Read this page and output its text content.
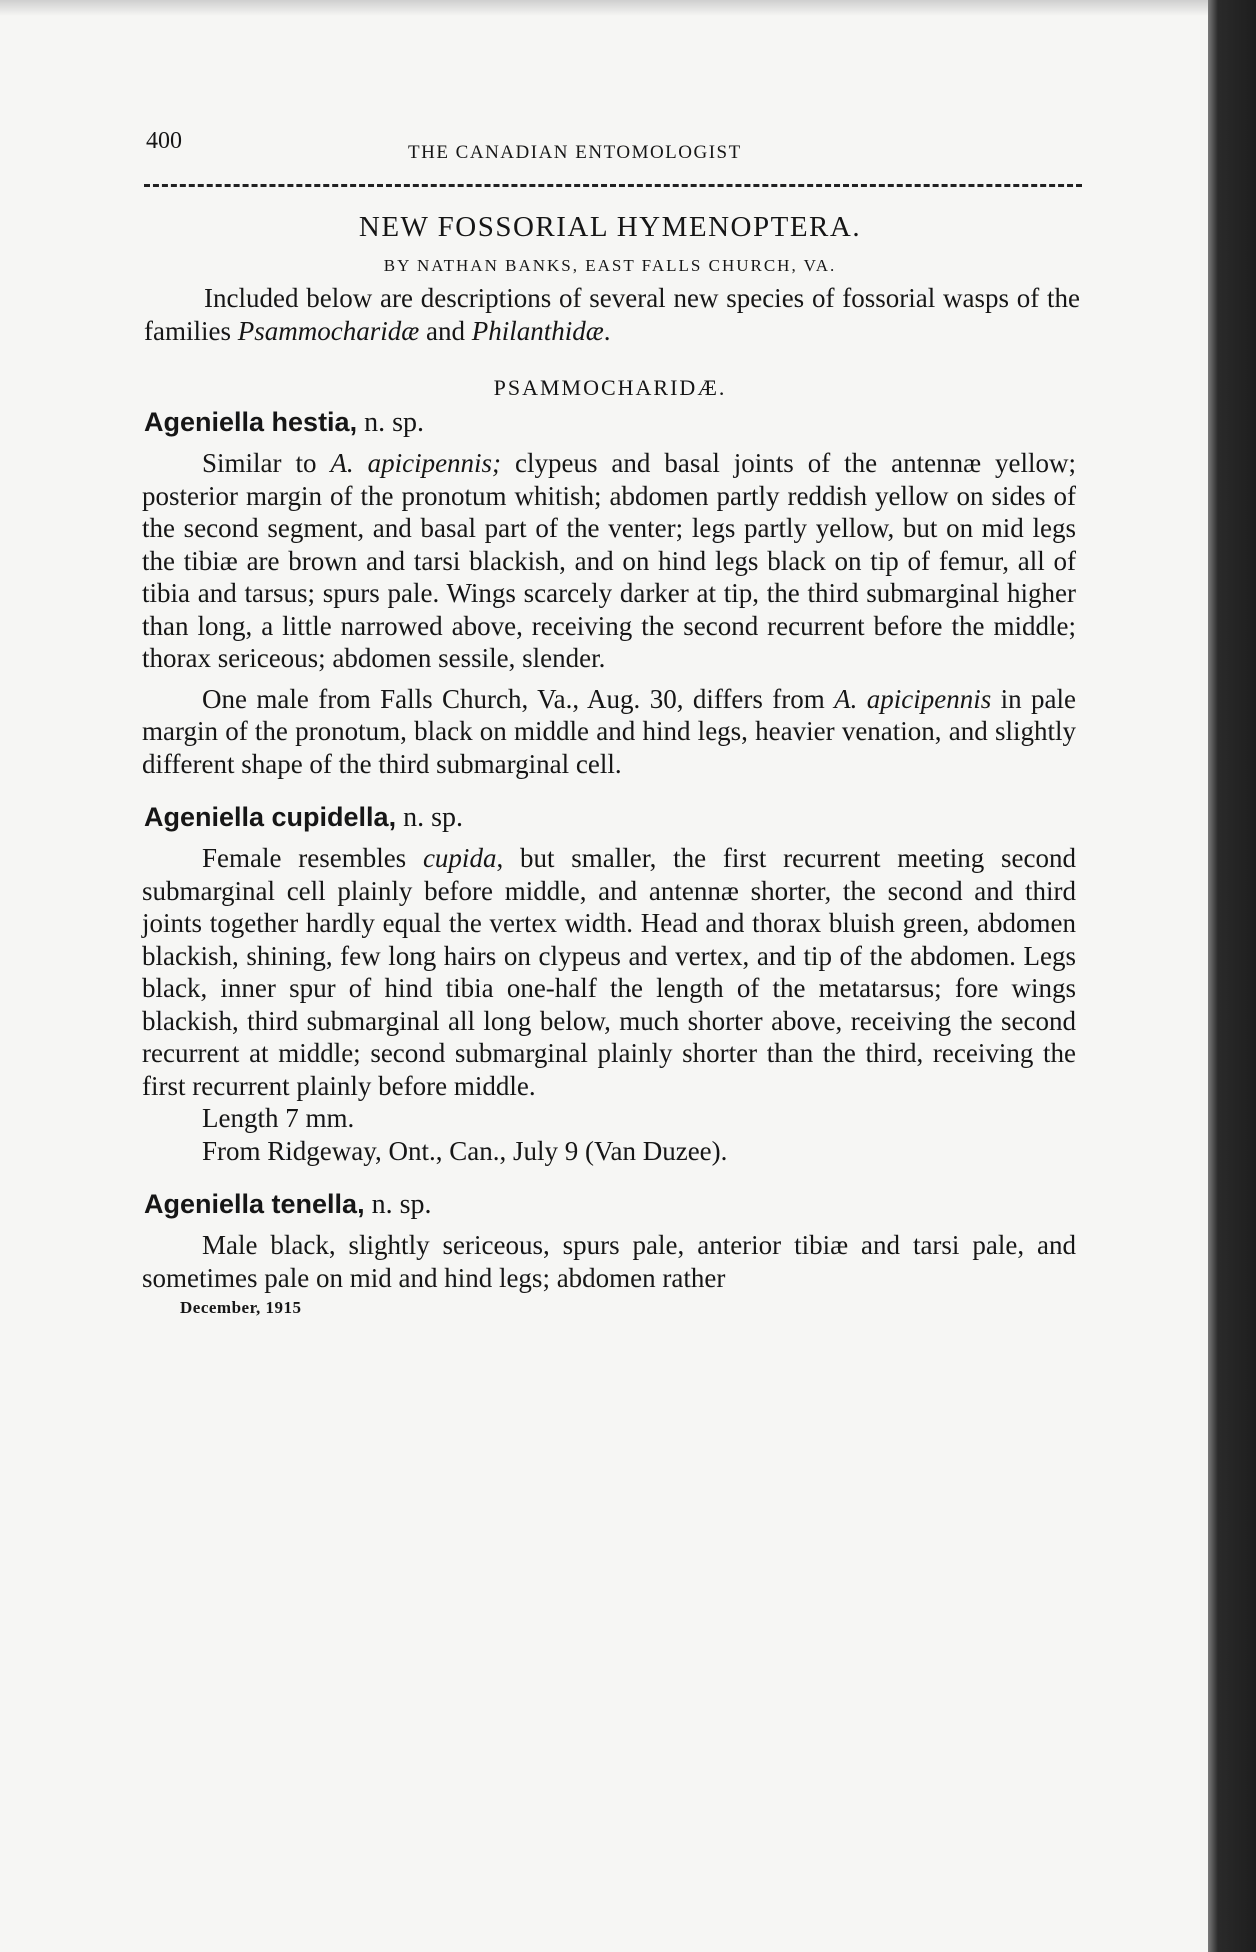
400	THE CANADIAN ENTOMOLOGIST
NEW FOSSORIAL HYMENOPTERA.
BY NATHAN BANKS, EAST FALLS CHURCH, VA.

Included below are descriptions of several new species of fossorial wasps of the families Psammocharidæ and Philanthidæ.

PSAMMOCHARIDÆ.
Ageniella hestia, n. sp.

Similar to A. apicipennis; clypeus and basal joints of the antennæ yellow; posterior margin of the pronotum whitish; abdomen partly reddish yellow on sides of the second segment, and basal part of the venter; legs partly yellow, but on mid legs the tibiæ are brown and tarsi blackish, and on hind legs black on tip of femur, all of tibia and tarsus; spurs pale. Wings scarcely darker at tip, the third submarginal higher than long, a little narrowed above, receiving the second recurrent before the middle; thorax sericeous; abdomen sessile, slender.

One male from Falls Church, Va., Aug. 30, differs from A. apicipennis in pale margin of the pronotum, black on middle and hind legs, heavier venation, and slightly different shape of the third submarginal cell.

Ageniella cupidella, n. sp.

Female resembles cupida, but smaller, the first recurrent meeting second submarginal cell plainly before middle, and antennæ shorter, the second and third joints together hardly equal the vertex width. Head and thorax bluish green, abdomen blackish, shining, few long hairs on clypeus and vertex, and tip of the abdomen. Legs black, inner spur of hind tibia one-half the length of the metatarsus; fore wings blackish, third submarginal all long below, much shorter above, receiving the second recurrent at middle; second submarginal plainly shorter than the third, receiving the first recurrent plainly before middle.

Length 7 mm.

From Ridgeway, Ont., Can., July 9 (Van Duzee).

Ageniella tenella, n. sp.

Male black, slightly sericeous, spurs pale, anterior tibiæ and tarsi pale, and sometimes pale on mid and hind legs; abdomen rather

December, 1915
